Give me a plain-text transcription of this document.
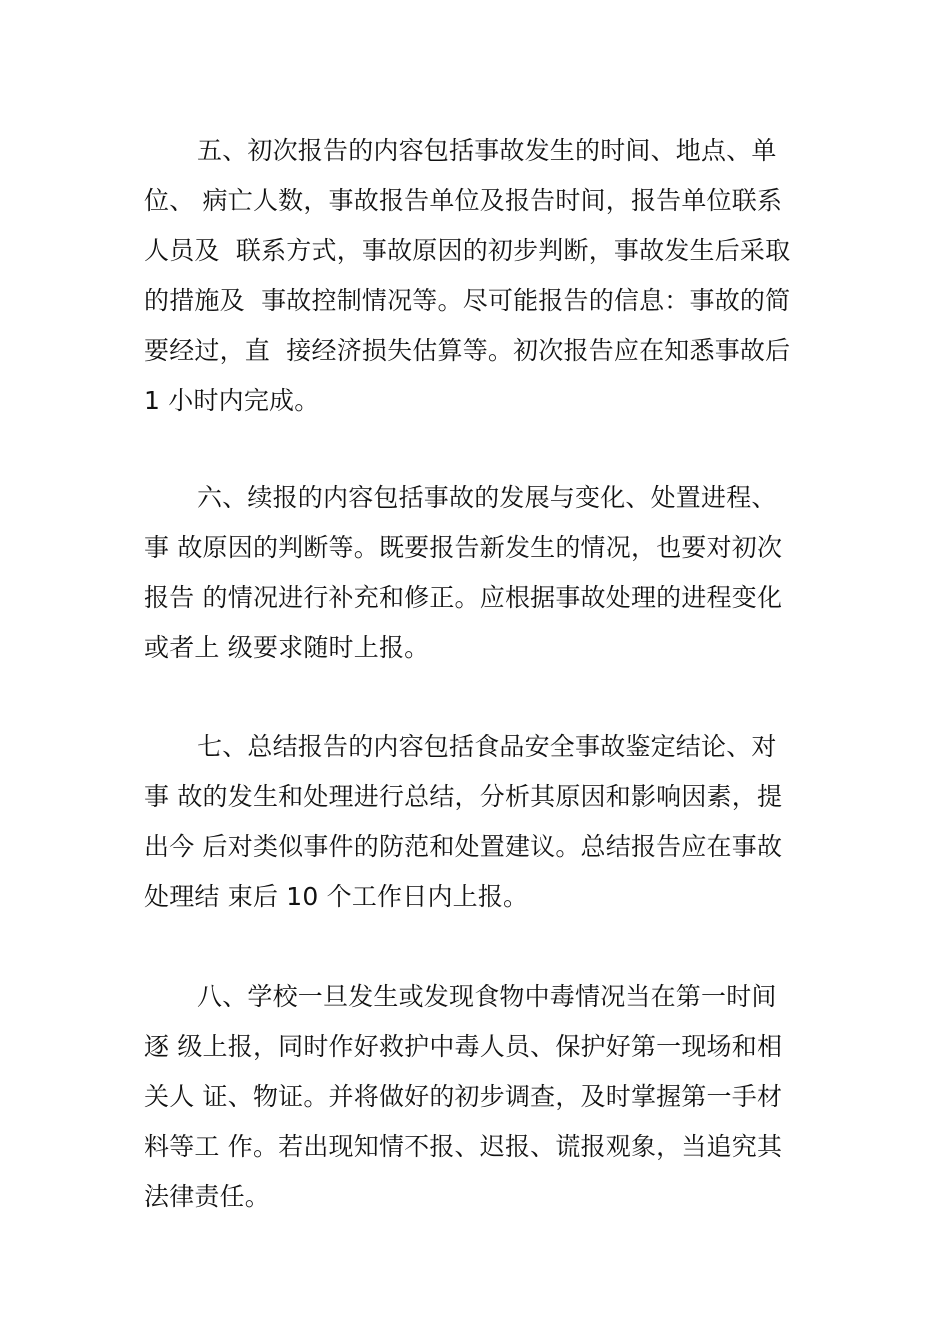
五、初次报告的内容包括事故发生的时间、地点、单
位、 病亡人数，事故报告单位及报告时间，报告单位联系
人员及  联系方式，事故原因的初步判断，事故发生后采取
的措施及  事故控制情况等。尽可能报告的信息：事故的简
要经过，直  接经济损失估算等。初次报告应在知悉事故后
1 小时内完成。
六、续报的内容包括事故的发展与变化、处置进程、
事 故原因的判断等。既要报告新发生的情况，也要对初次
报告 的情况进行补充和修正。应根据事故处理的进程变化
或者上 级要求随时上报。
七、总结报告的内容包括食品安全事故鉴定结论、对
事 故的发生和处理进行总结，分析其原因和影响因素，提
出今 后对类似事件的防范和处置建议。总结报告应在事故
处理结 束后 10 个工作日内上报。
八、学校一旦发生或发现食物中毒情况当在第一时间
逐 级上报，同时作好救护中毒人员、保护好第一现场和相
关人 证、物证。并将做好的初步调查，及时掌握第一手材
料等工 作。若出现知情不报、迟报、谎报观象，当追究其
法律责任。
